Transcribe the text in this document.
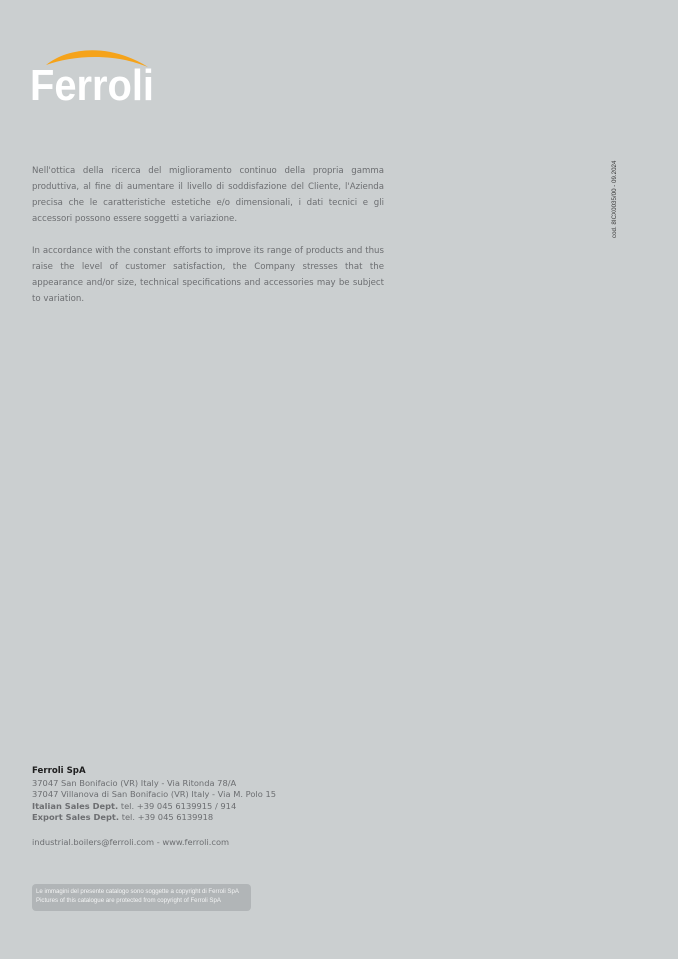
Ferroli

Nell'ottica della ricerca del miglioramento continuo della propria gamma produttiva, al fine di aumentare il livello di soddisfazione del Cliente, l'Azienda precisa che le caratteristiche estetiche e/o dimensionali, i dati tecnici e gli accessori possono essere soggetti a variazione.

In accordance with the constant efforts to improve its range of products and thus raise the level of customer satisfaction, the Company stresses that the appearance and/or size, technical specifications and accessories may be subject to variation.

cod. 8ICX0035/00 - 09.2024
Ferroli SpA
37047 San Bonifacio (VR) Italy - Via Ritonda 78/A
37047 Villanova di San Bonifacio (VR) Italy - Via M. Polo 15
Italian Sales Dept. tel. +39 045 6139915 / 914
Export Sales Dept. tel. +39 045 6139918
industrial.boilers@ferroli.com - www.ferroli.com
Le immagini del presente catalogo sono soggette a copyright di Ferroli SpA
Pictures of this catalogue are protected from copyright of Ferroli SpA
